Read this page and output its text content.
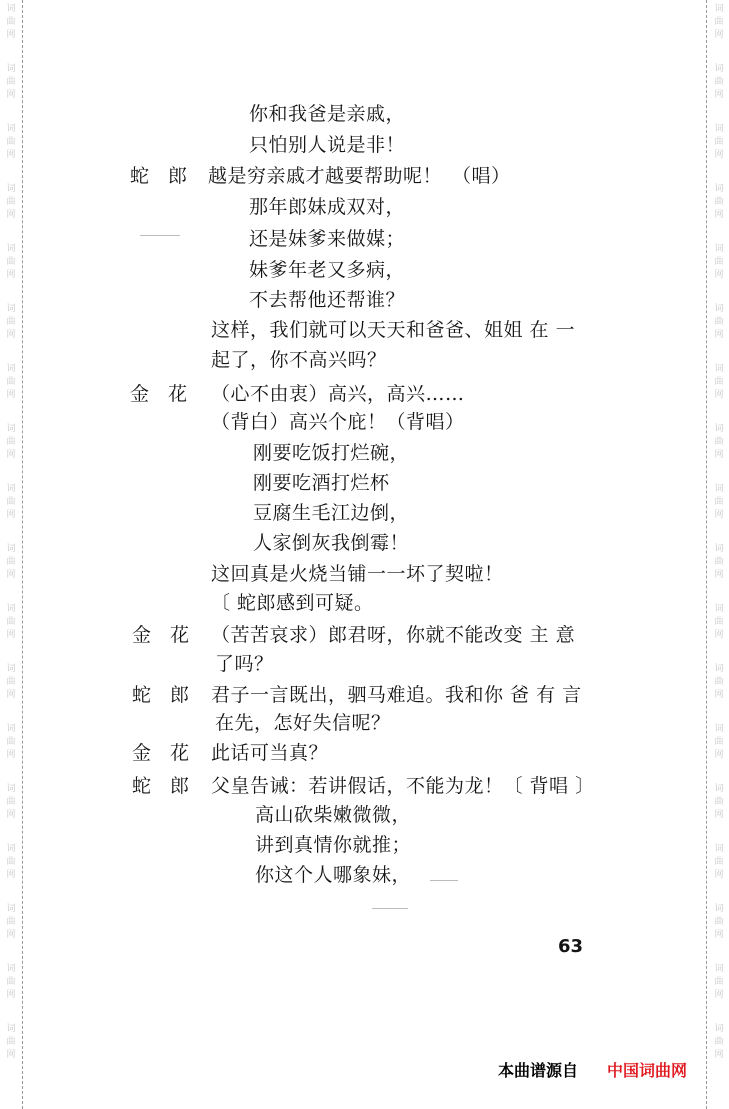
词
曲
网
词
曲
网
词
曲
网
词
曲
网
词
曲
网
词
曲
网
词
曲
网
词
曲
网
词
曲
网
词
曲
网
词
曲
网
词
曲
网
词
曲
网
词
曲
网
词
曲
网
词
曲
网
词
曲
网
词
曲
网
词
曲
网
词
曲
网
词
曲
网
词
曲
网
词
曲
网
词
曲
网
词
曲
网
词
曲
网
词
曲
网
词
曲
网
词
曲
网
词
曲
网
词
曲
网
词
曲
网
词
曲
网
词
曲
网
词
曲
网
词
曲
网
你和我爸是亲戚，
只怕别人说是非！
蛇　郎 越是穷亲戚才越要帮助呢！　（唱）
那年郎妹成双对，
还是妹爹来做媒；
妹爹年老又多病，
不去帮他还帮谁？
这样，我们就可以天天和爸爸、姐姐 在 一
起了，你不高兴吗？
金　花 （心不由衷）高兴，高兴……
（背白）高兴个庇！（背唱）
刚要吃饭打烂碗，
刚要吃酒打烂杯
豆腐生毛江边倒，
人家倒灰我倒霉！
这回真是火烧当铺一一坏了契啦！
〔 蛇郎感到可疑。
金　花 （苦苦哀求）郎君呀，你就不能改变 主 意
了吗？
蛇　郎 君子一言既出，驷马难追。我和你 爸 有 言
在先，怎好失信呢？
金　花 此话可当真？
蛇　郎 父皇告诫：若讲假话，不能为龙！〔 背唱 〕
高山砍柴嫩微微，
讲到真情你就推；
你这个人哪象妹，
63
本曲谱源自 中国词曲网
